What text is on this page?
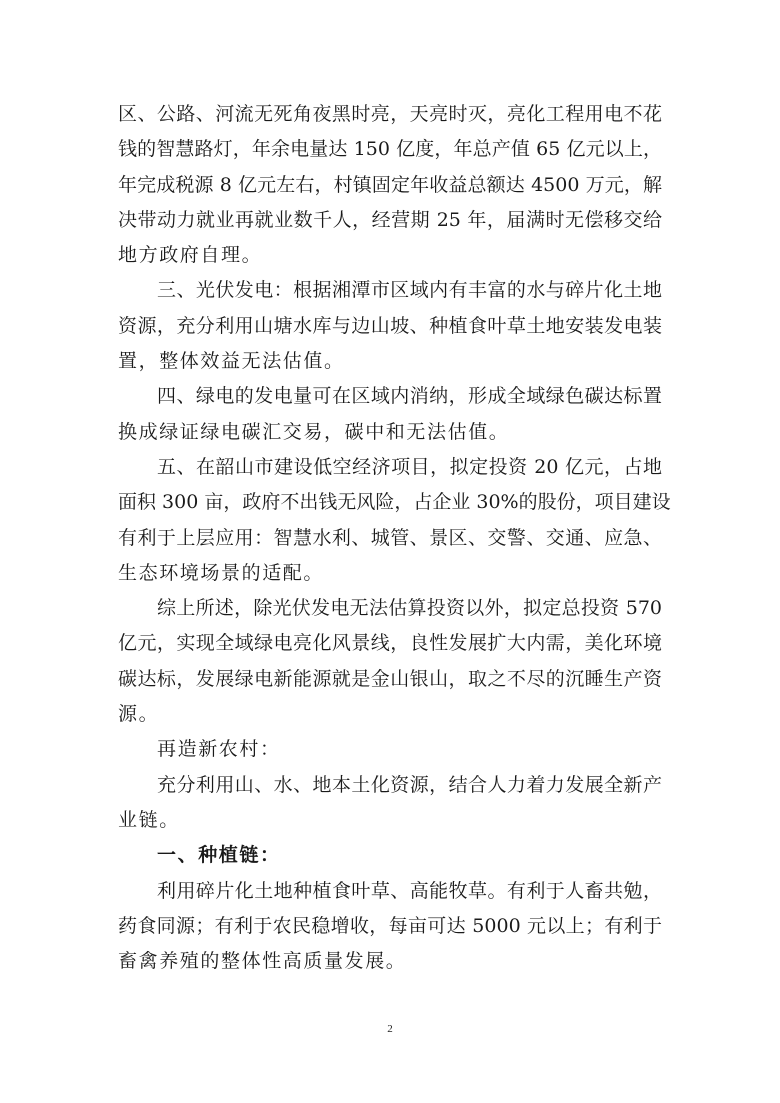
区、公路、河流无死角夜黑时亮，天亮时灭，亮化工程用电不花
钱的智慧路灯，年余电量达 150 亿度，年总产值 65 亿元以上，
年完成税源 8 亿元左右，村镇固定年收益总额达 4500 万元，解
决带动力就业再就业数千人，经营期 25 年，届满时无偿移交给
地方政府自理。
三、光伏发电：根据湘潭市区域内有丰富的水与碎片化土地
资源，充分利用山塘水库与边山坡、种植食叶草土地安装发电装
置，整体效益无法估值。
四、绿电的发电量可在区域内消纳，形成全域绿色碳达标置
换成绿证绿电碳汇交易，碳中和无法估值。
五、在韶山市建设低空经济项目，拟定投资 20 亿元，占地
面积 300 亩，政府不出钱无风险，占企业 30%的股份，项目建设
有利于上层应用：智慧水利、城管、景区、交警、交通、应急、
生态环境场景的适配。
综上所述，除光伏发电无法估算投资以外，拟定总投资 570
亿元，实现全域绿电亮化风景线，良性发展扩大内需，美化环境
碳达标，发展绿电新能源就是金山银山，取之不尽的沉睡生产资
源。
再造新农村：
充分利用山、水、地本土化资源，结合人力着力发展全新产
业链。
一、种植链：
利用碎片化土地种植食叶草、高能牧草。有利于人畜共勉，
药食同源；有利于农民稳增收，每亩可达 5000 元以上；有利于
畜禽养殖的整体性高质量发展。
2
